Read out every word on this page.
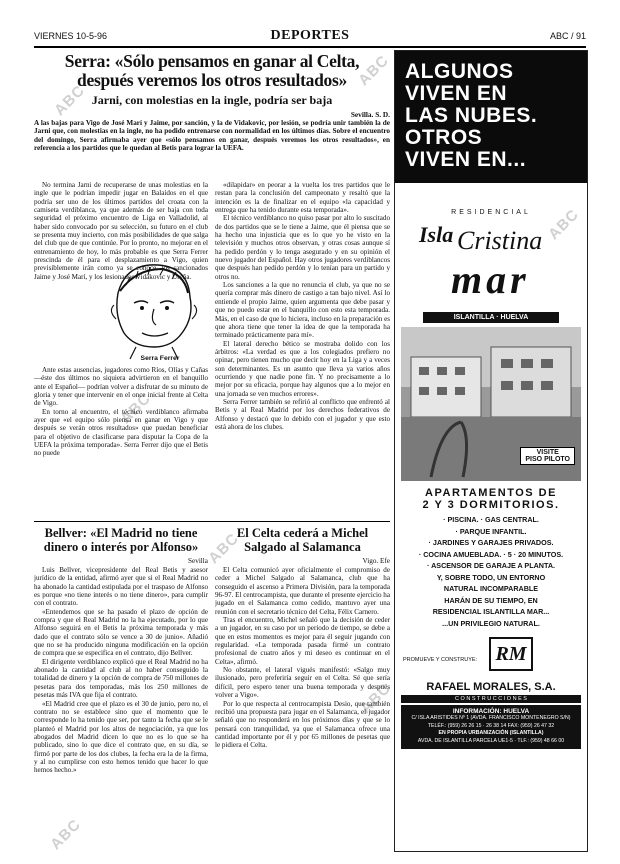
VIERNES 10-5-96	DEPORTES	ABC / 91
ABC
ABC
ABC
ABC
ABC
ABC
ABC
Serra: «Sólo pensamos en ganar al Celta,
después veremos los otros resultados»
Jarni, con molestias en la ingle, podría ser baja
Sevilla. S. D.
A las bajas para Vigo de José Marí y Jaime, por sanción, y la de Vidakovic, por lesión, se podría unir también la de Jarni que, con molestias en la ingle, no ha podido entrenarse con normalidad en los últimos días. Sobre el encuentro del domingo, Serra afirmaba ayer que «sólo pensamos en ganar, después veremos los otros resultados», en referencia a los partidos que le quedan al Betis para lograr la UEFA.

No termina Jarni de recuperarse de unas molestias en la ingle que le podrían impedir jugar en Balaídos en el que podría ser uno de los últimos partidos del croata con la camiseta verdiblanca, ya que además de ser baja con toda seguridad el próximo encuentro de Liga en Valladolid, al haber sido convocado por su selección, su futuro en el club se presenta muy incierto, con más posibilidades de que salga del club que de que continúe. Por lo pronto, no mejorar en el entrenamiento de hoy, lo más probable es que Serra Ferrer prescinda de él para el desplazamiento a Vigo, quien previsiblemente irán como ya se conoce, los sancionados Jaime y José Marí, y los lesionados Vidakovic y Ureña.

Serra Ferrer

Ante estas ausencias, jugadores como Ríos, Olías y Cañas —éste dos últimos no siquiera advirtieron en el banquillo ante el Español— podrían volver a disfrutar de su minuto de gloria y tener que intervenir en el once inicial frente al Celta de Vigo.

En torno al encuentro, el técnico verdiblanco afirmaba ayer que «el equipo sólo piensa en ganar en Vigo y que después se verán otros resultados» que puedan beneficiar para el objetivo de clasificarse para disputar la Copa de la UEFA la próxima temporada». Serra Ferrer dijo que el Betis no puede

«dilapidar» en peorar a la vuelta los tres partidos que le restan para la conclusión del campeonato y resaltó que la intención es la de finalizar en el equipo «la capacidad y entrega que ha tenido durante esta temporada».

El técnico verdiblanco no quiso pasar por alto lo suscitado de dos partidos que se le tiene a Jaime, que él piensa que se ha hecho una injusticia que es lo que yo he visto en la televisión y muchos otros observan, y otras cosas aunque sí ha pedido perdón y lo tenga asegurado y en su opinión el nuevo jugador del Español. Hay otros jugadores verdiblancos que después han pedido perdón y lo tenían para un partido y otros no.

Los sanciones a la que no renuncia el club, ya que no se quería comprar más dinero de castigo a tan bajo nivel. Así lo entiende el propio Jaime, quien argumenta que debe pasar y que no puedo estar en el banquillo con esto esta temporada. Más, en el caso de que lo hiciera, incluso en la preparación es que ahora tiene que tener la idea de que la temporada ha terminado prácticamente para mí».

El lateral derecho bético se mostraba dolido con los árbitros: «La verdad es que a los colegiados prefiero no opinar, pero tienen mucho que decir hoy en la Liga y a veces son determinantes. Es un asunto que lleva ya varios años ocurriendo y que nadie pone fin. Y no precisamente a lo mejor por su eficacia, porque hay algunos que a lo mejor en una jornada se ven muchos errores».

Serra Ferrer también se refirió al conflicto que enfrentó al Betis y al Real Madrid por los derechos federativos de Alfonso y destacó que lo debido con el jugador y que esto está ahora de los clubes.

Bellver: «El Madrid no tiene dinero o interés por Alfonso»
Sevilla

Luis Bellver, vicepresidente del Real Betis y asesor jurídico de la entidad, afirmó ayer que si el Real Madrid no ha abonado la cantidad estipulada por el traspaso de Alfonso es porque «no tiene interés o no tiene dinero», para cumplir con el contrato.

«Entendemos que se ha pasado el plazo de opción de compra y que el Real Madrid no la ha ejecutado, por lo que Alfonso seguirá en el Betis la próxima temporada y más dado que el contrato sólo se vence a 30 de junio». Añadió que no se ha producido ninguna modificación en la opción de compra que se especifica en el contrato, dijo Bellver.

El dirigente verdiblanco explicó que el Real Madrid no ha abonado la cantidad al club al no haber conseguido la totalidad de dinero y la opción de compra de 750 millones de pesetas para dos temporadas, más los 250 millones de pesetas más IVA que fija el contrato.

«El Madrid cree que el plazo es el 30 de junio, pero no, el contrato no se establece sino que el momento que le corresponde lo ha tenido que ser, por tanto la fecha que se le planteó el Madrid por los altos de negociación, ya que los abogados del Madrid dicen lo que no es lo que se ha publicado, sino lo que dice el contrato que, en su día, se firmó por parte de los dos clubes, la fecha era la de la firma, y al no cumplirse con esto hemos tenido que hacer lo que hemos hecho.»

El Celta cederá a Michel Salgado al Salamanca
Vigo. Efe

El Celta comunicó ayer oficialmente el compromiso de ceder a Michel Salgado al Salamanca, club que ha conseguido el ascenso a Primera División, para la temporada 96-97. El centrocampista, que durante el presente ejercicio ha jugado en el Salamanca como cedido, mantuvo ayer una reunión con el secretario técnico del Celta, Félix Carnero.

Tras el encuentro, Michel señaló que la decisión de ceder a un jugador, en su caso por un periodo de tiempo, se debe a que en estos momentos es mejor para él seguir jugando con regularidad. «La temporada pasada firmé un contrato profesional de cuatro años y mi deseo es continuar en el Celta», afirmó.

No obstante, el lateral vigués manifestó: «Salgo muy ilusionado, pero preferiría seguir en el Celta. Sé que sería difícil, pero espero tener una buena temporada y después volver a Vigo».

Por lo que respecta al centrocampista Desio, que también recibió una propuesta para jugar en el Salamanca, el jugador señaló que no responderá en los próximos días y que se lo pensará con tranquilidad, ya que el Salamanca ofrece una cantidad importante por él y por 65 millones de pesetas que le pidiera el Celta.

ALGUNOS
VIVEN EN
LAS NUBES.
OTROS
VIVEN EN...
RESIDENCIAL
Isla Cristina
mar
ISLANTILLA · HUELVA
VISITE
PISO PILOTO
APARTAMENTOS DE
2 Y 3 DORMITORIOS.
· PISCINA. · GAS CENTRAL.
· PARQUE INFANTIL.
· JARDINES Y GARAJES PRIVADOS.
· COCINA AMUEBLADA. · 5 · 20 MINUTOS.
· ASCENSOR DE GARAJE A PLANTA.
Y, SOBRE TODO, UN ENTORNO
NATURAL INCOMPARABLE
HARÁN DE SU TIEMPO, EN
RESIDENCIAL ISLANTILLA MAR...
...UN PRIVILEGIO NATURAL.
PROMUEVE Y CONSTRUYE: RM
RAFAEL MORALES, S.A.
C O N S T R U C C I O N E S
INFORMACIÓN: HUELVA
C/ ISLA ARISTIDES Nº 1 (AVDA. FRANCISCO MONTENEGRO S/N)
TELÉF.: (959) 26 26 15 · 26 38 14 FAX: (959) 26 47 32
EN PROPIA URBANIZACIÓN (ISLANTILLA)
AVDA. DE ISLANTILLA PARCELA UE1-5 · TLF.: (959) 48 66 00
